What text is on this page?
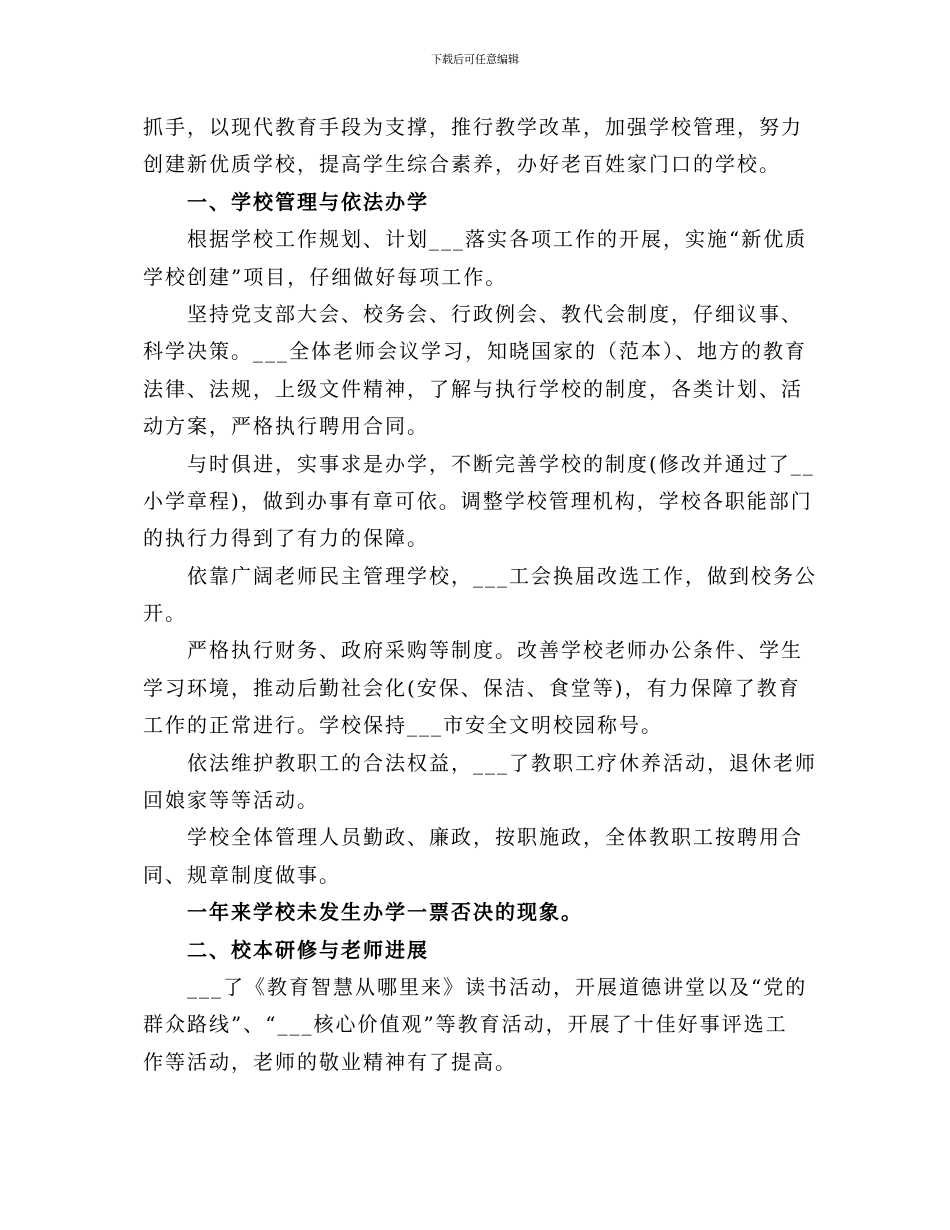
下载后可任意编辑
抓手，以现代教育手段为支撑，推行教学改革，加强学校管理，努力
创建新优质学校，提高学生综合素养，办好老百姓家门口的学校。
一、学校管理与依法办学
根据学校工作规划、计划___落实各项工作的开展，实施“新优质
学校创建”项目，仔细做好每项工作。
坚持党支部大会、校务会、行政例会、教代会制度，仔细议事、
科学决策。___全体老师会议学习，知晓国家的（范本）、地方的教育
法律、法规，上级文件精神，了解与执行学校的制度，各类计划、活
动方案，严格执行聘用合同。
与时俱进，实事求是办学，不断完善学校的制度(修改并通过了__
小学章程)，做到办事有章可依。调整学校管理机构，学校各职能部门
的执行力得到了有力的保障。
依靠广阔老师民主管理学校，___工会换届改选工作，做到校务公
开。
严格执行财务、政府采购等制度。改善学校老师办公条件、学生
学习环境，推动后勤社会化(安保、保洁、食堂等)，有力保障了教育
工作的正常进行。学校保持___市安全文明校园称号。
依法维护教职工的合法权益，___了教职工疗休养活动，退休老师
回娘家等等活动。
学校全体管理人员勤政、廉政，按职施政，全体教职工按聘用合
同、规章制度做事。
一年来学校未发生办学一票否决的现象。
二、校本研修与老师进展
___了《教育智慧从哪里来》读书活动，开展道德讲堂以及“党的
群众路线”、“___核心价值观”等教育活动，开展了十佳好事评选工
作等活动，老师的敬业精神有了提高。
